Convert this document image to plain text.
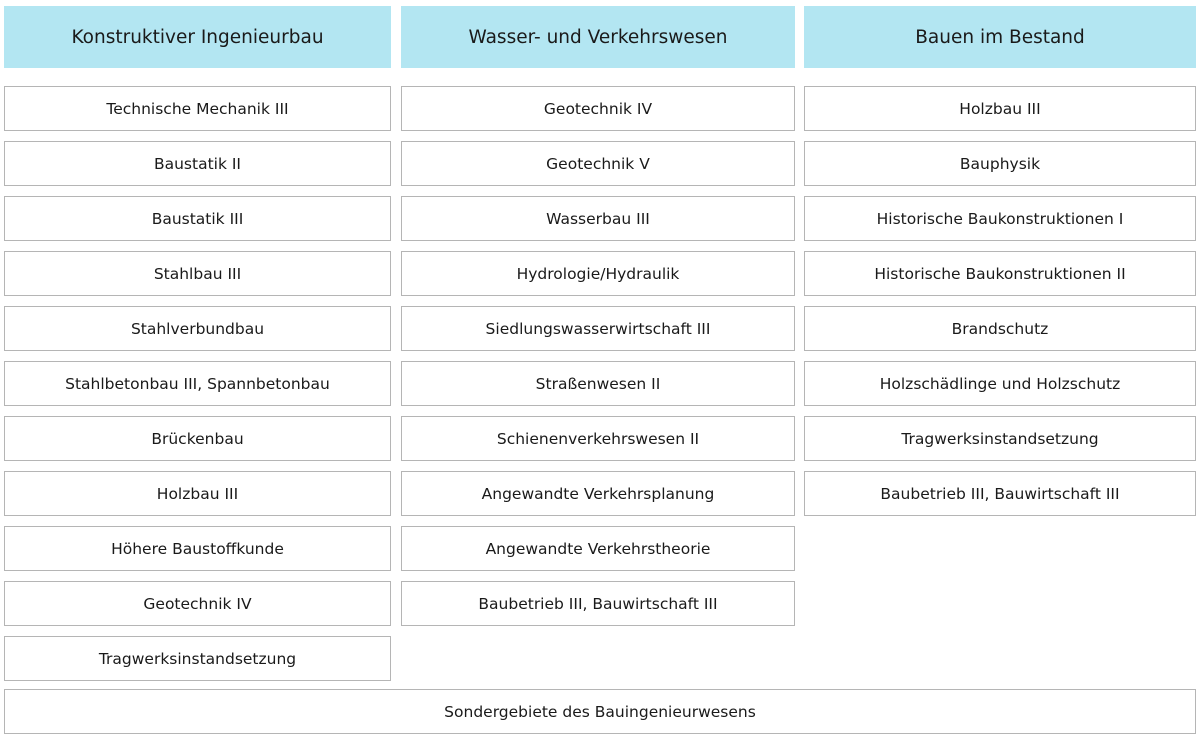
Konstruktiver Ingenieurbau
Technische Mechanik III
Baustatik II
Baustatik III
Stahlbau III
Stahlverbundbau
Stahlbetonbau III, Spannbetonbau
Brückenbau
Holzbau III
Höhere Baustoffkunde
Geotechnik IV
Tragwerksinstandsetzung
Wasser- und Verkehrswesen
Geotechnik IV
Geotechnik V
Wasserbau III
Hydrologie/Hydraulik
Siedlungswasserwirtschaft III
Straßenwesen II
Schienenverkehrswesen II
Angewandte Verkehrsplanung
Angewandte Verkehrstheorie
Baubetrieb III, Bauwirtschaft III
Bauen im Bestand
Holzbau III
Bauphysik
Historische Baukonstruktionen I
Historische Baukonstruktionen II
Brandschutz
Holzschädlinge und Holzschutz
Tragwerksinstandsetzung
Baubetrieb III, Bauwirtschaft III
Sondergebiete des Bauingenieurwesens
